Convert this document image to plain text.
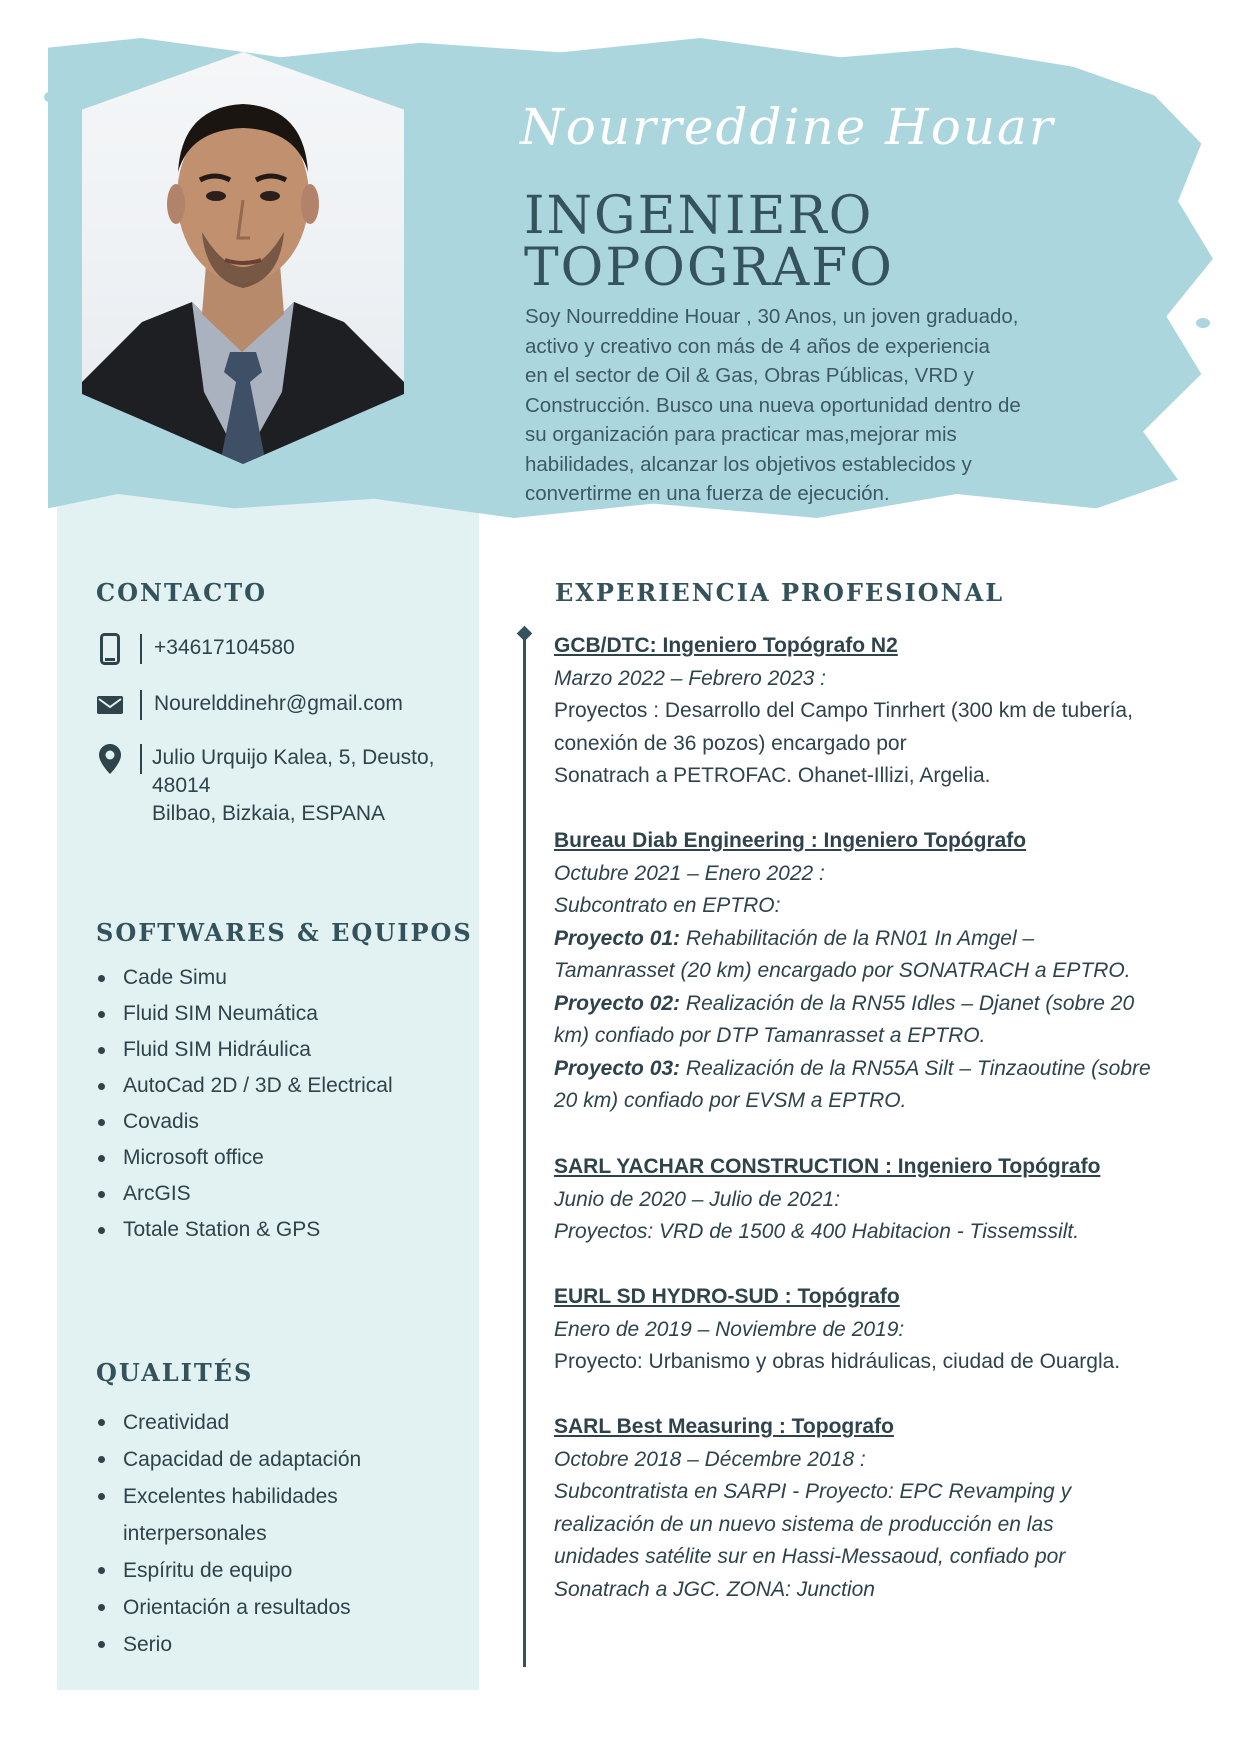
Nourreddine Houar
INGENIERO
TOPOGRAFO
Soy Nourreddine Houar , 30 Anos, un joven graduado,
activo y creativo con más de 4 años de experiencia
en el sector de Oil & Gas, Obras Públicas, VRD y
Construcción. Busco una nueva oportunidad dentro de
su organización para practicar mas,mejorar mis
habilidades, alcanzar los objetivos establecidos y
convertirme en una fuerza de ejecución.
CONTACTO
+34617104580
Nourelddinehr@gmail.com
Julio Urquijo Kalea, 5, Deusto,
48014
Bilbao, Bizkaia, ESPANA
SOFTWARES & EQUIPOS
Cade Simu
Fluid SIM Neumática
Fluid SIM Hidráulica
AutoCad 2D / 3D & Electrical
Covadis
Microsoft office
ArcGIS
Totale Station & GPS
QUALITÉS
Creatividad
Capacidad de adaptación
Excelentes habilidades interpersonales
Espíritu de equipo
Orientación a resultados
Serio
EXPERIENCIA PROFESIONAL

GCB/DTC: Ingeniero Topógrafo N2

Marzo 2022 – Febrero 2023 :

Proyectos : Desarrollo del Campo Tinrhert (300 km de tubería,

conexión de 36 pozos) encargado por

Sonatrach a PETROFAC. Ohanet-Illizi, Argelia.

Bureau Diab Engineering : Ingeniero Topógrafo

Octubre 2021 – Enero 2022 :

Subcontrato en EPTRO:

Proyecto 01: Rehabilitación de la RN01 In Amgel –

Tamanrasset (20 km) encargado por SONATRACH a EPTRO.

Proyecto 02: Realización de la RN55 Idles – Djanet (sobre 20

km) confiado por DTP Tamanrasset a EPTRO.

Proyecto 03: Realización de la RN55A Silt – Tinzaoutine (sobre

20 km) confiado por EVSM a EPTRO.

SARL YACHAR CONSTRUCTION : Ingeniero Topógrafo

Junio de 2020 – Julio de 2021:

Proyectos: VRD de 1500 & 400 Habitacion - Tissemssilt.

EURL SD HYDRO-SUD : Topógrafo

Enero de 2019 – Noviembre de 2019:

Proyecto: Urbanismo y obras hidráulicas, ciudad de Ouargla.

SARL Best Measuring : Topografo

Octobre 2018 – Décembre 2018 :

Subcontratista en SARPI - Proyecto: EPC Revamping y

realización de un nuevo sistema de producción en las

unidades satélite sur en Hassi-Messaoud, confiado por

Sonatrach a JGC. ZONA: Junction
